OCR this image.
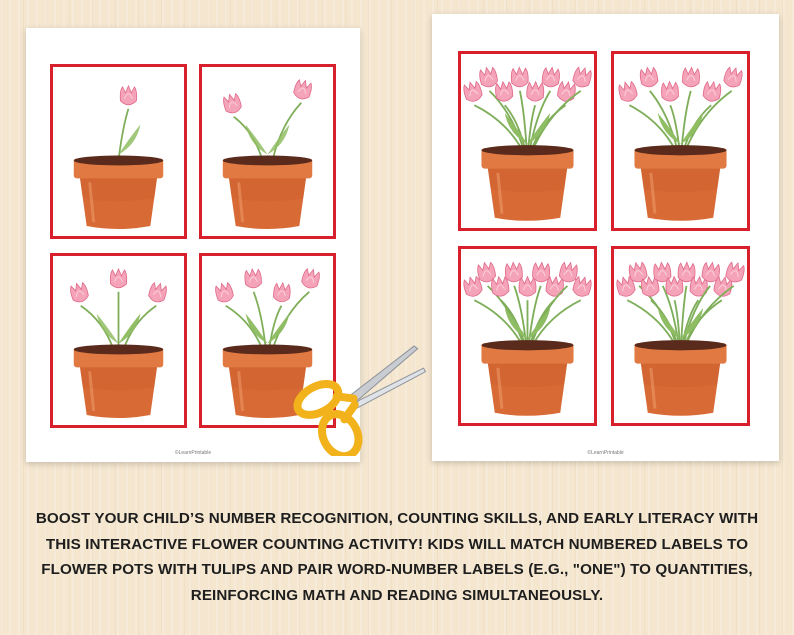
©LearnPrintable	©LearnPrintable

BOOST YOUR CHILD’S NUMBER RECOGNITION, COUNTING SKILLS, AND EARLY LITERACY WITH THIS INTERACTIVE FLOWER COUNTING ACTIVITY! KIDS WILL MATCH NUMBERED LABELS TO FLOWER POTS WITH TULIPS AND PAIR WORD-NUMBER LABELS (E.G., "ONE") TO QUANTITIES, REINFORCING MATH AND READING SIMULTANEOUSLY.
